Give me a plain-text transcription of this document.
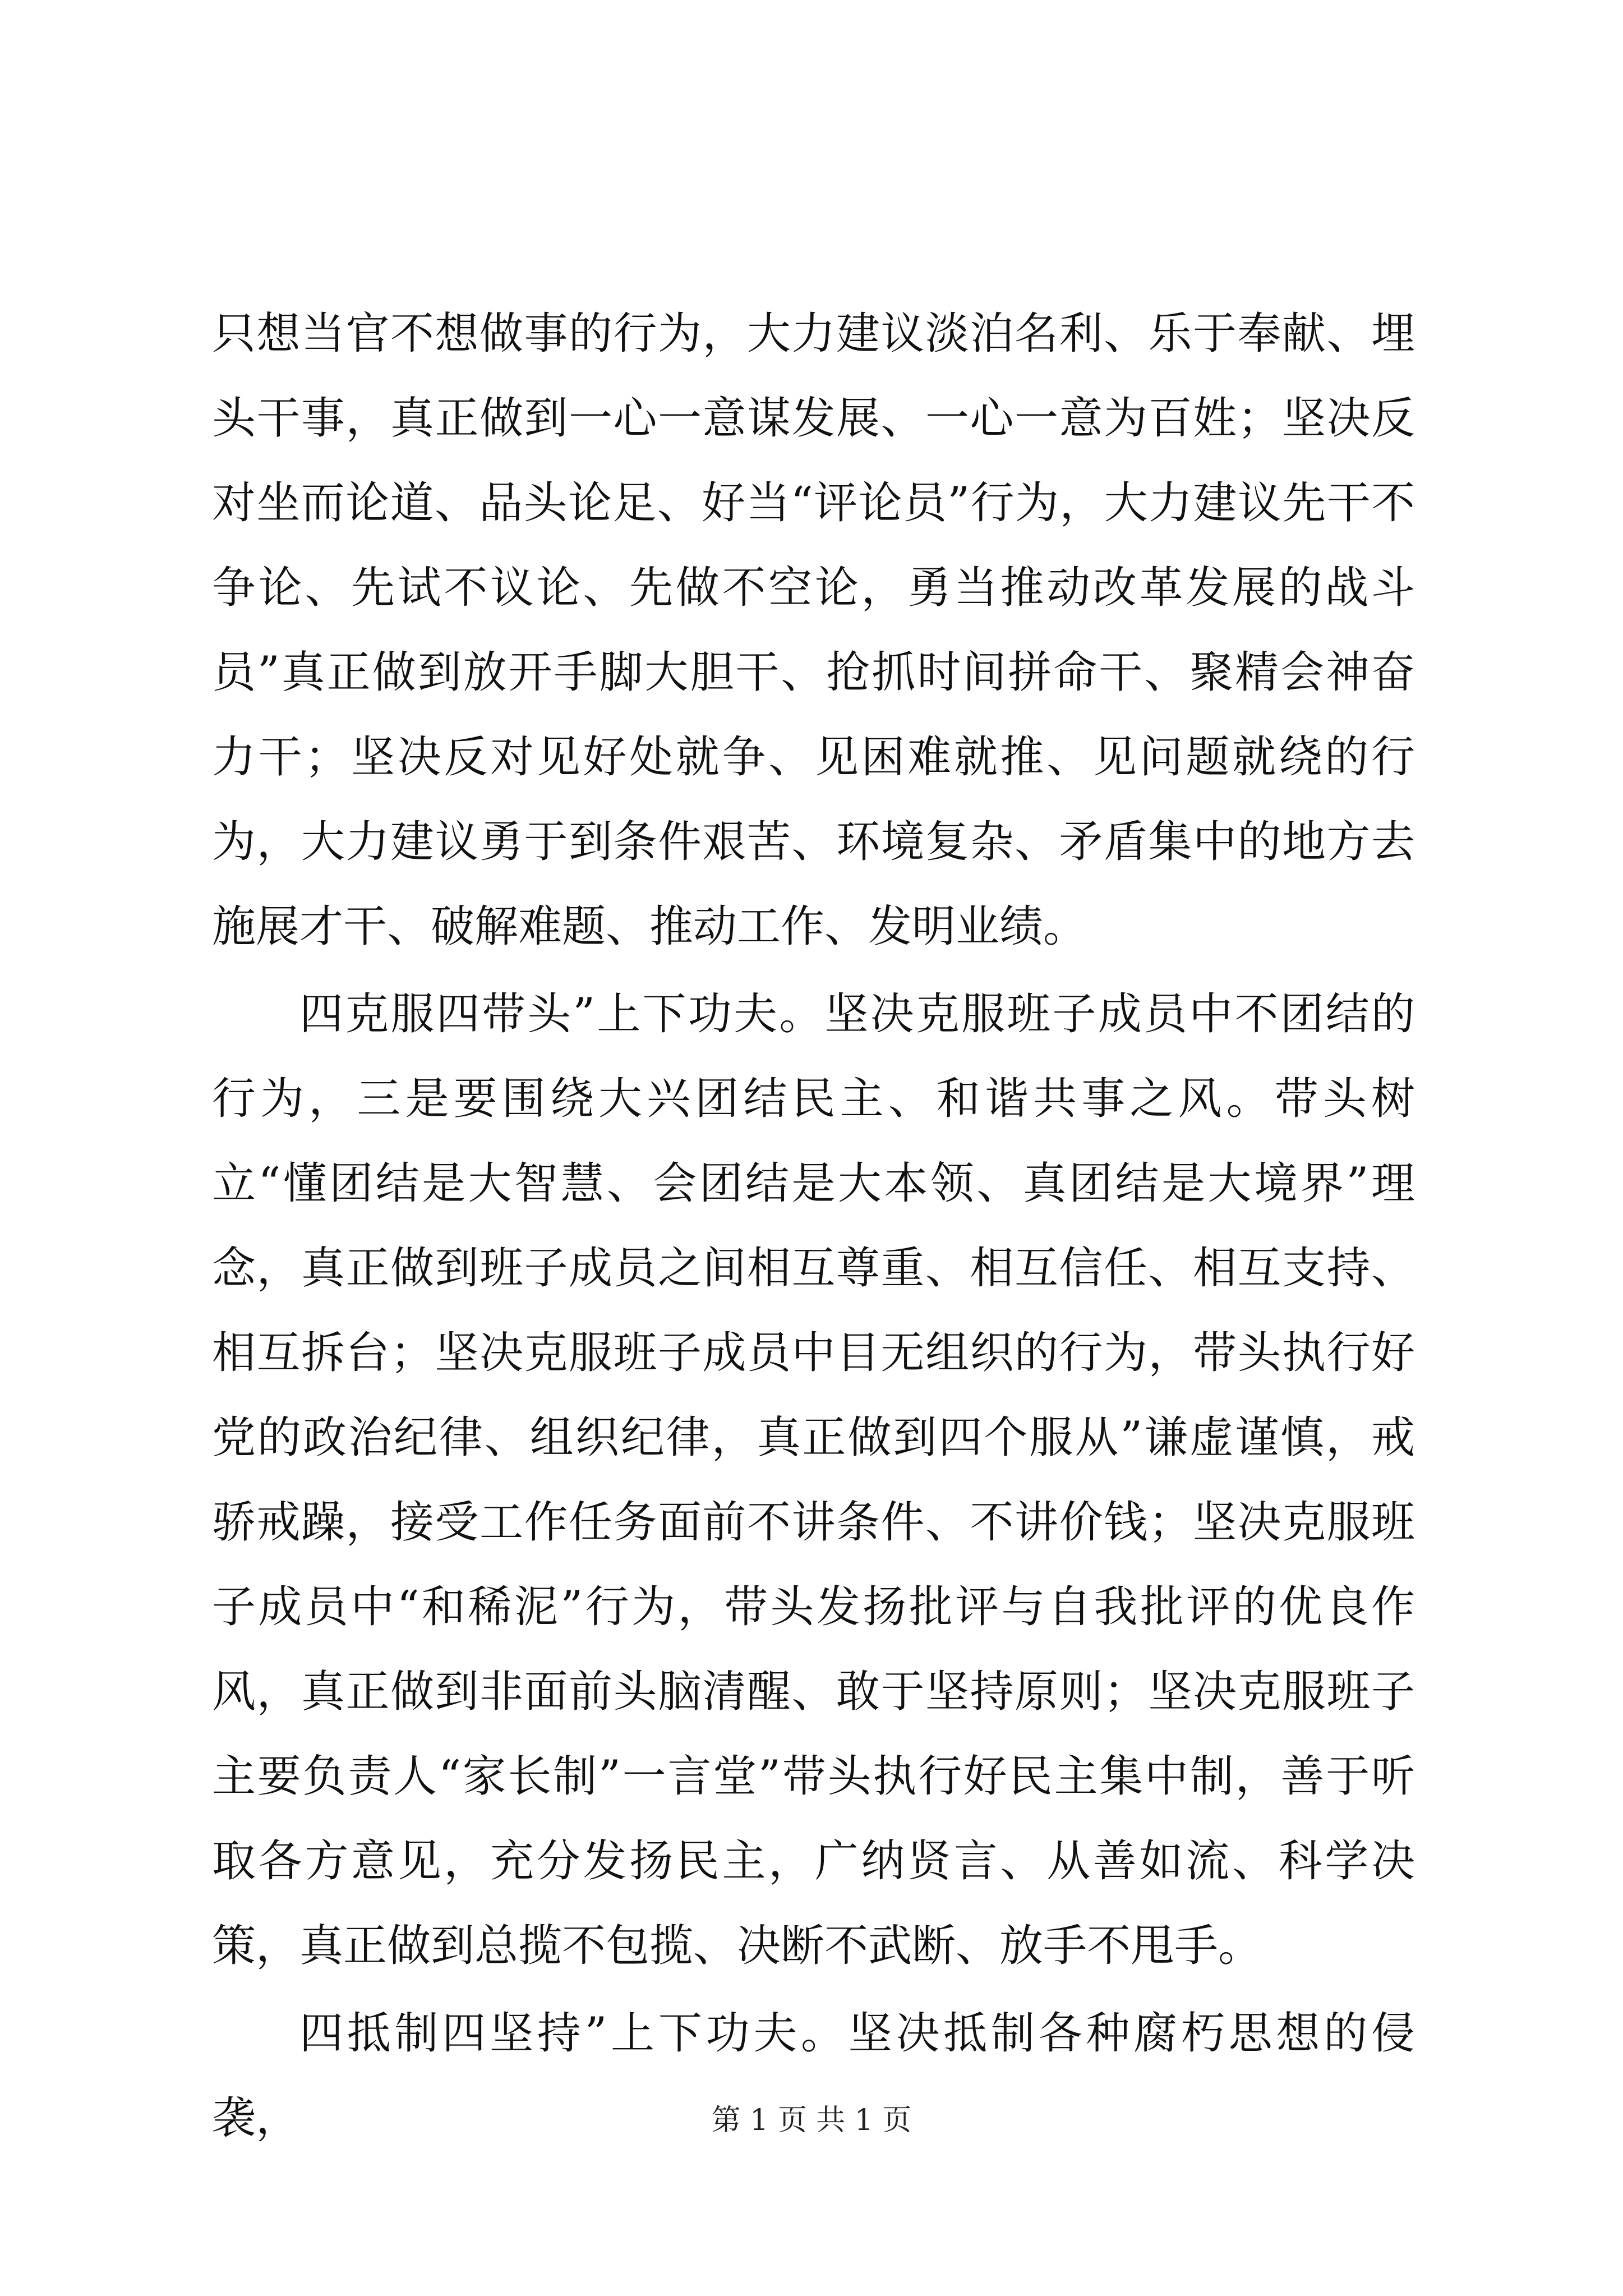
只想当官不想做事的行为，大力建议淡泊名利、乐于奉献、埋头干事，真正做到一心一意谋发展、一心一意为百姓；坚决反对坐而论道、品头论足、好当“评论员”行为，大力建议先干不争论、先试不议论、先做不空论，勇当推动改革发展的战斗员”真正做到放开手脚大胆干、抢抓时间拼命干、聚精会神奋力干；坚决反对见好处就争、见困难就推、见问题就绕的行为，大力建议勇于到条件艰苦、环境复杂、矛盾集中的地方去施展才干、破解难题、推动工作、发明业绩。

四克服四带头”上下功夫。坚决克服班子成员中不团结的行为，三是要围绕大兴团结民主、和谐共事之风。带头树立“懂团结是大智慧、会团结是大本领、真团结是大境界”理念，真正做到班子成员之间相互尊重、相互信任、相互支持、相互拆台；坚决克服班子成员中目无组织的行为，带头执行好党的政治纪律、组织纪律，真正做到四个服从”谦虚谨慎，戒骄戒躁，接受工作任务面前不讲条件、不讲价钱；坚决克服班子成员中“和稀泥”行为，带头发扬批评与自我批评的优良作风，真正做到非面前头脑清醒、敢于坚持原则；坚决克服班子主要负责人“家长制”一言堂”带头执行好民主集中制，善于听取各方意见，充分发扬民主，广纳贤言、从善如流、科学决策，真正做到总揽不包揽、决断不武断、放手不甩手。

四抵制四坚持”上下功夫。坚决抵制各种腐朽思想的侵袭，	第 1 页 共 1 页
